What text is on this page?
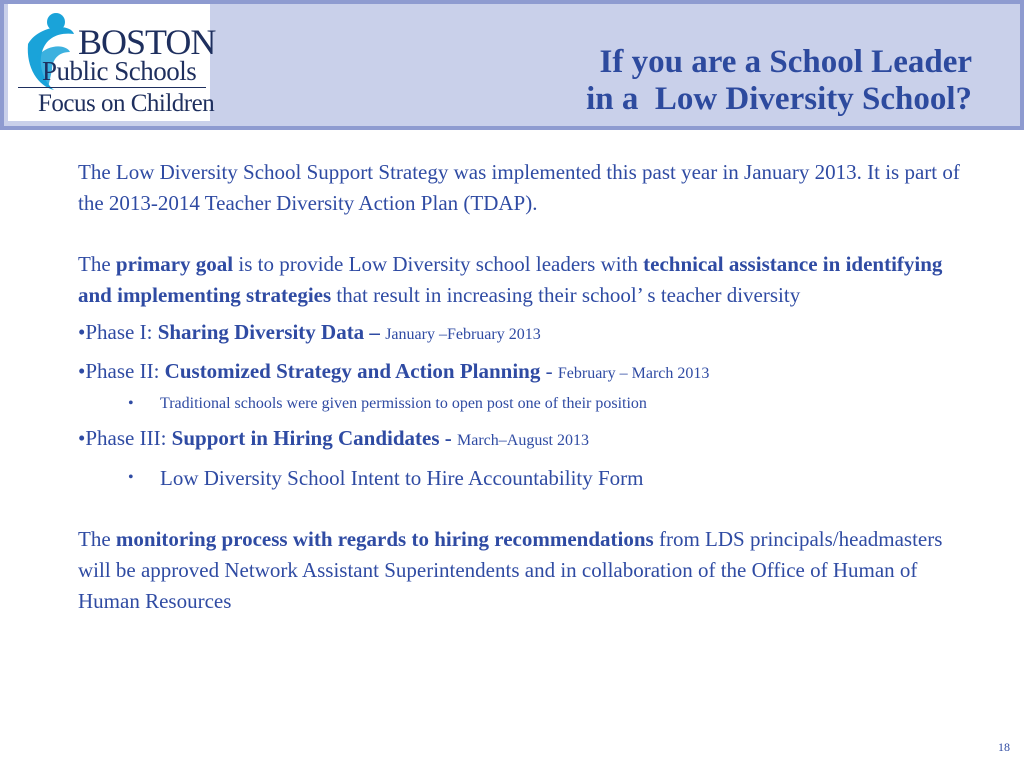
BOSTON
Public Schools
Focus on Children
If you are a School Leader
in a  Low Diversity School?

The Low Diversity School Support Strategy was implemented this past year in January 2013. It is part of the 2013-2014 Teacher Diversity Action Plan (TDAP).

The primary goal is to provide Low Diversity school leaders with technical assistance in identifying and implementing strategies that result in increasing their school’ s teacher diversity

•Phase I: Sharing Diversity Data – January –February 2013

•Phase II: Customized Strategy and Action Planning - February – March 2013

• Traditional schools were given permission to open post one of their position

•Phase III: Support in Hiring Candidates - March–August 2013

• Low Diversity School Intent to Hire Accountability Form

The monitoring process with regards to hiring recommendations from LDS principals/headmasters will be approved Network Assistant Superintendents and in collaboration of the Office of Human of Human Resources

18
